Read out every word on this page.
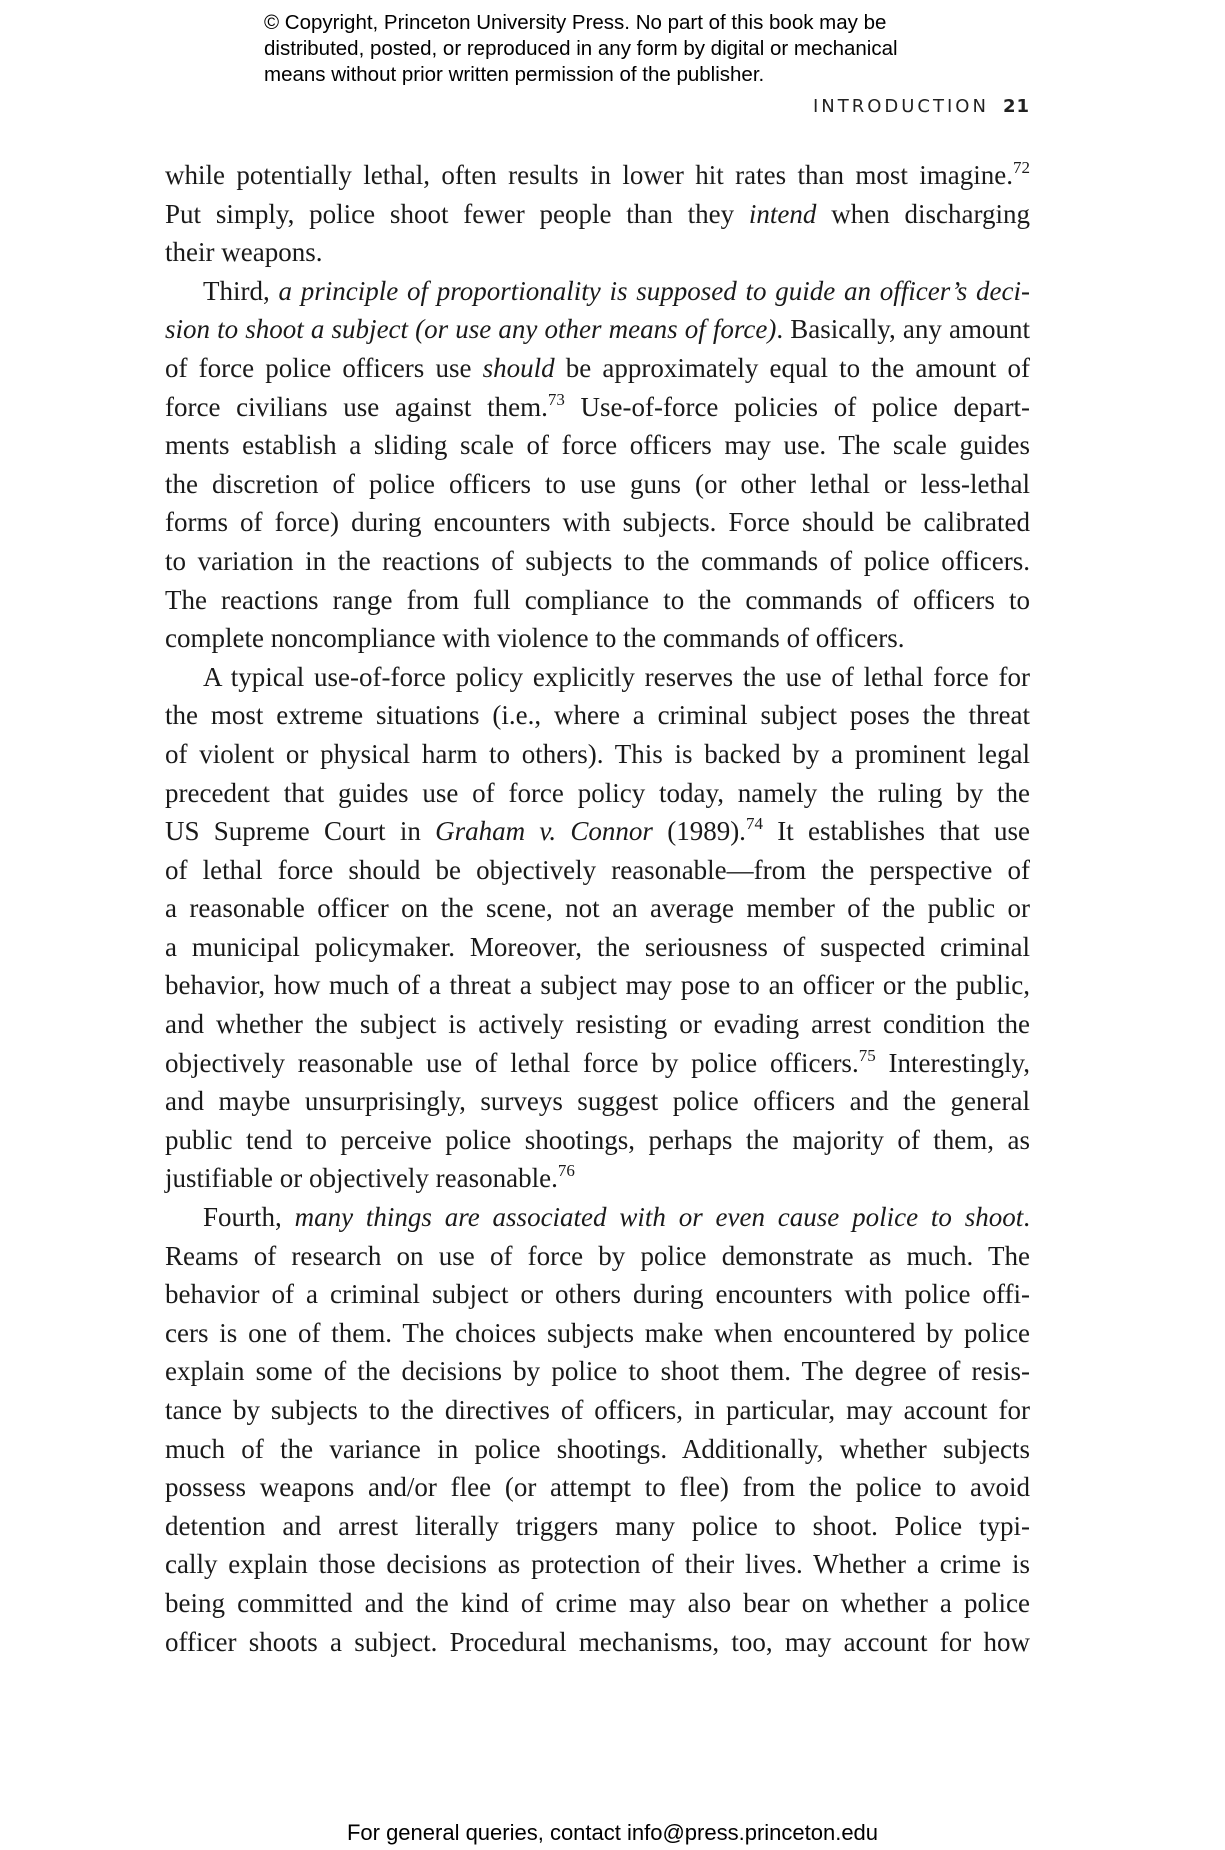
© Copyright, Princeton University Press. No part of this book may be
distributed, posted, or reproduced in any form by digital or mechanical
means without prior written permission of the publisher.
INTRODUCTION 21
while potentially lethal, often results in lower hit rates than most imagine.$^{72}$
Put simply, police shoot fewer people than they intend when discharging
their weapons.
Third, a principle of proportionality is supposed to guide an officer’s deci-
sion to shoot a subject (or use any other means of force). Basically, any amount
of force police officers use should be approximately equal to the amount of
force civilians use against them.$^{73}$ Use-of-force policies of police depart-
ments establish a sliding scale of force officers may use. The scale guides
the discretion of police officers to use guns (or other lethal or less-lethal
forms of force) during encounters with subjects. Force should be calibrated
to variation in the reactions of subjects to the commands of police officers.
The reactions range from full compliance to the commands of officers to
complete noncompliance with violence to the commands of officers.
A typical use-of-force policy explicitly reserves the use of lethal force for
the most extreme situations (i.e., where a criminal subject poses the threat
of violent or physical harm to others). This is backed by a prominent legal
precedent that guides use of force policy today, namely the ruling by the
US Supreme Court in Graham v. Connor (1989).$^{74}$ It establishes that use
of lethal force should be objectively reasonable—from the perspective of
a reasonable officer on the scene, not an average member of the public or
a municipal policymaker. Moreover, the seriousness of suspected criminal
behavior, how much of a threat a subject may pose to an officer or the public,
and whether the subject is actively resisting or evading arrest condition the
objectively reasonable use of lethal force by police officers.$^{75}$ Interestingly,
and maybe unsurprisingly, surveys suggest police officers and the general
public tend to perceive police shootings, perhaps the majority of them, as
justifiable or objectively reasonable.$^{76}$
Fourth, many things are associated with or even cause police to shoot.
Reams of research on use of force by police demonstrate as much. The
behavior of a criminal subject or others during encounters with police offi-
cers is one of them. The choices subjects make when encountered by police
explain some of the decisions by police to shoot them. The degree of resis-
tance by subjects to the directives of officers, in particular, may account for
much of the variance in police shootings. Additionally, whether subjects
possess weapons and/or flee (or attempt to flee) from the police to avoid
detention and arrest literally triggers many police to shoot. Police typi-
cally explain those decisions as protection of their lives. Whether a crime is
being committed and the kind of crime may also bear on whether a police
officer shoots a subject. Procedural mechanisms, too, may account for how
For general queries, contact info@press.princeton.edu
